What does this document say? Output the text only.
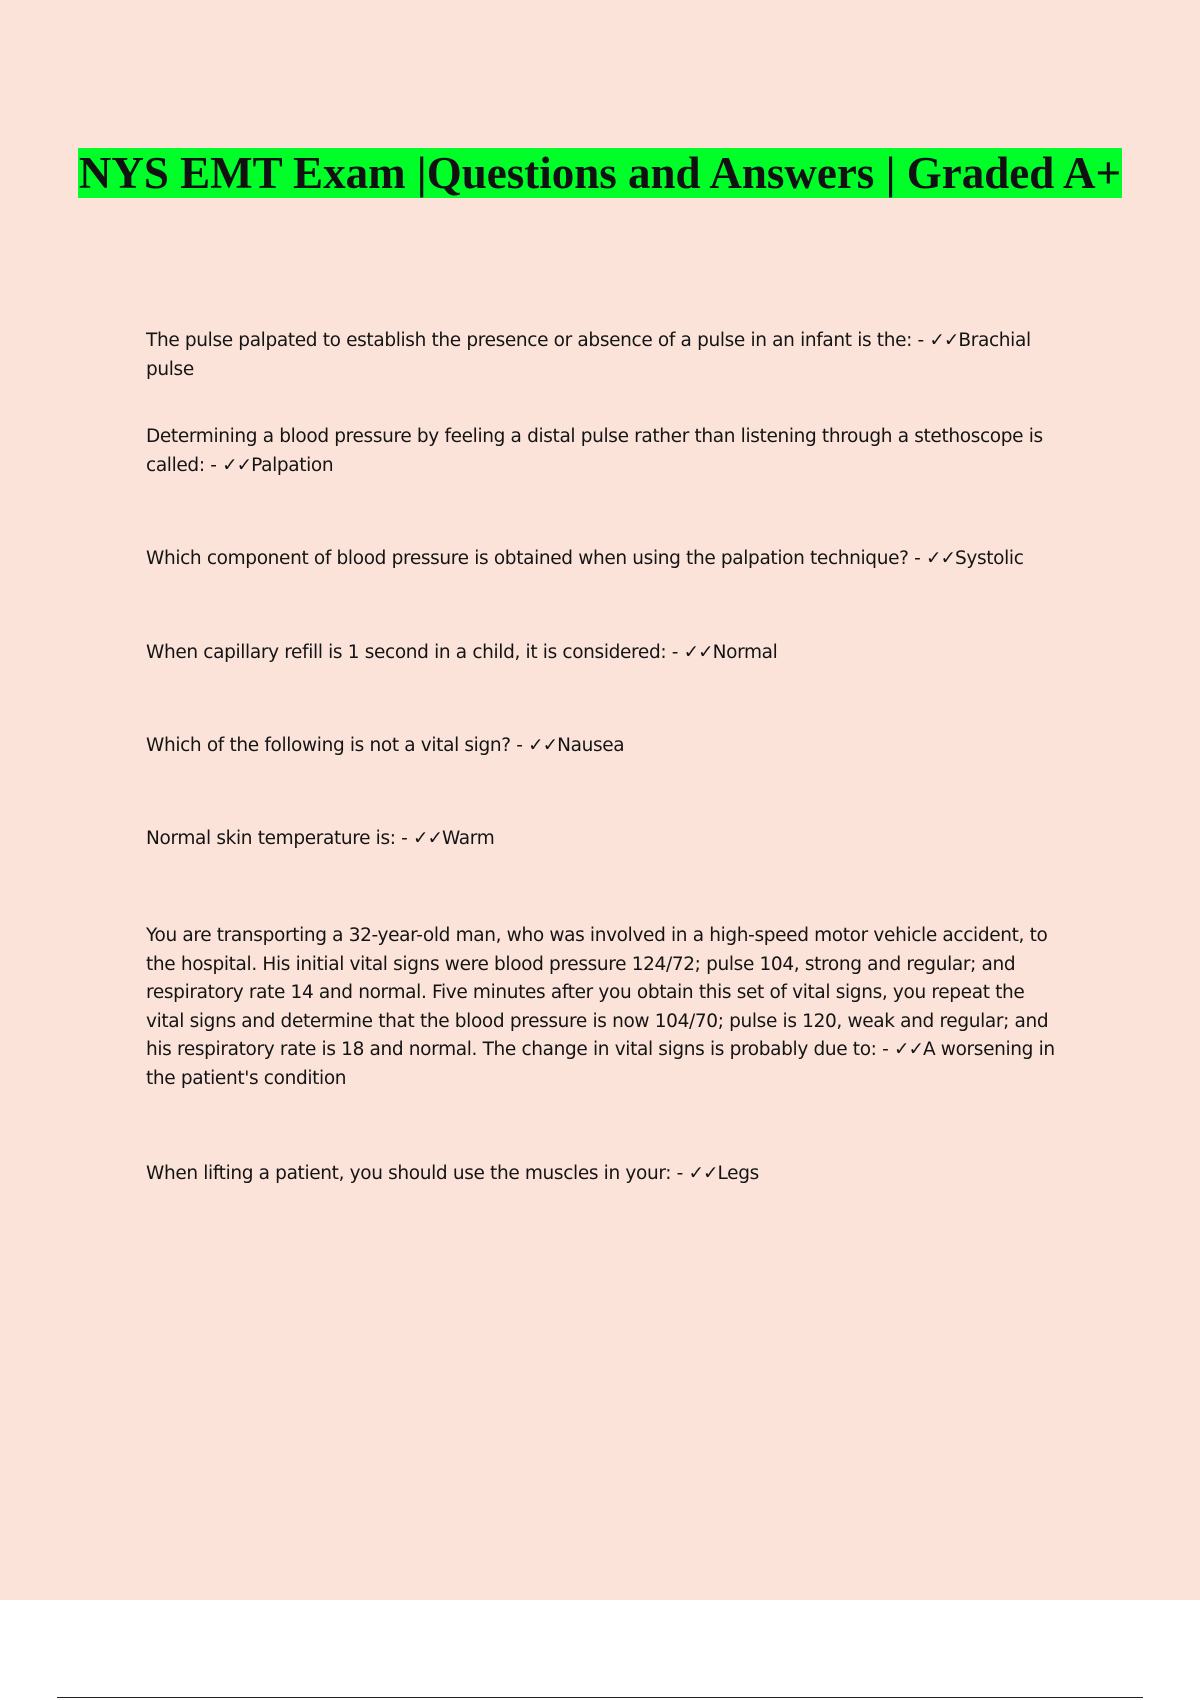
NYS EMT Exam |Questions and Answers | Graded A+
The pulse palpated to establish the presence or absence of a pulse in an infant is the: - ✓✓Brachial pulse
Determining a blood pressure by feeling a distal pulse rather than listening through a stethoscope is called: - ✓✓Palpation
Which component of blood pressure is obtained when using the palpation technique? - ✓✓Systolic
When capillary refill is 1 second in a child, it is considered: - ✓✓Normal
Which of the following is not a vital sign? - ✓✓Nausea
Normal skin temperature is: - ✓✓Warm
You are transporting a 32-year-old man, who was involved in a high-speed motor vehicle accident, to the hospital. His initial vital signs were blood pressure 124/72; pulse 104, strong and regular; and respiratory rate 14 and normal. Five minutes after you obtain this set of vital signs, you repeat the vital signs and determine that the blood pressure is now 104/70; pulse is 120, weak and regular; and his respiratory rate is 18 and normal. The change in vital signs is probably due to: - ✓✓A worsening in the patient's condition
When lifting a patient, you should use the muscles in your: - ✓✓Legs
